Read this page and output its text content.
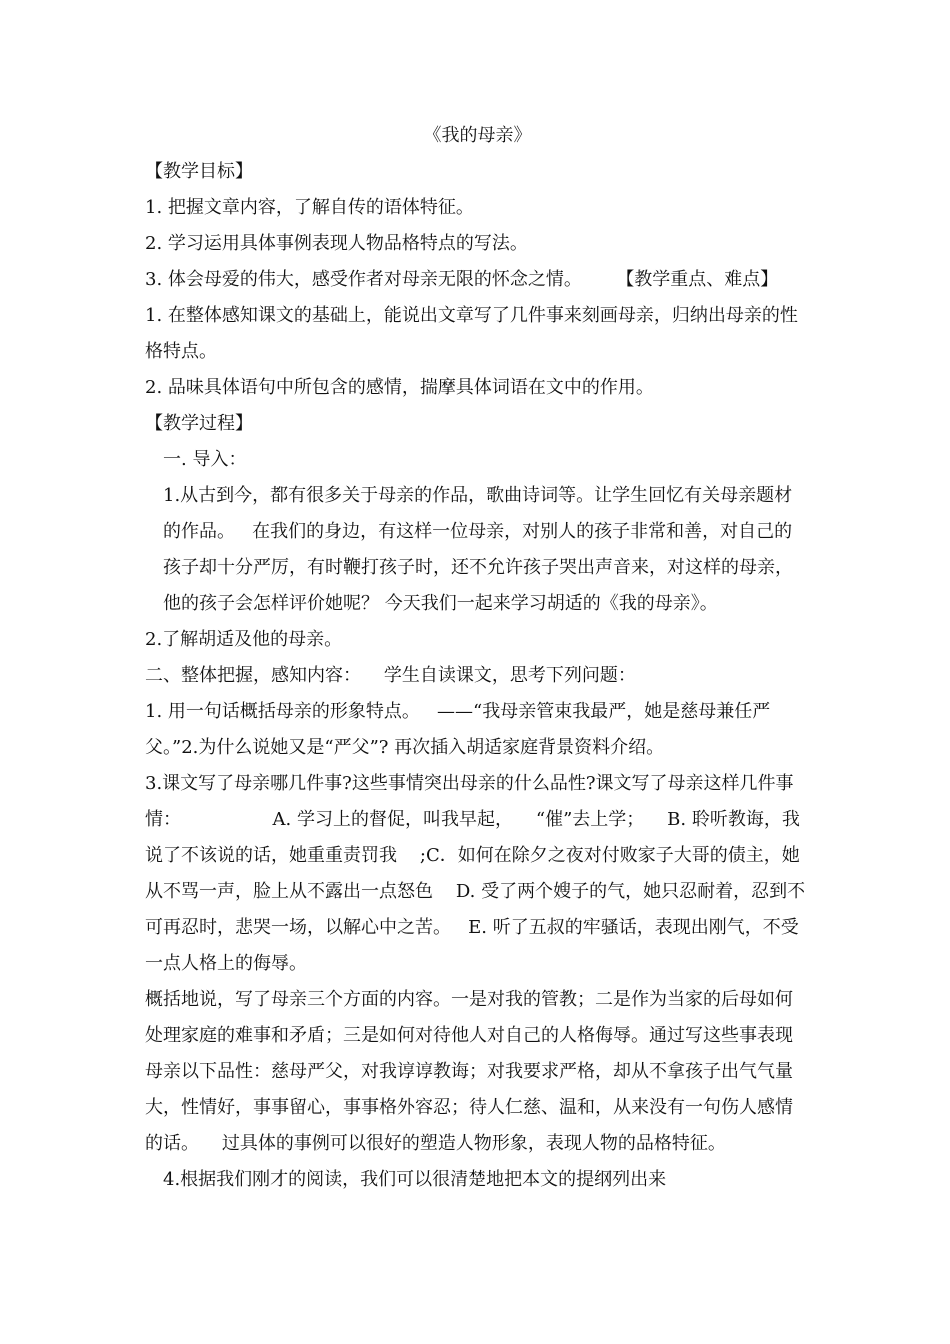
《我的母亲》

【教学目标】

1. 把握文章内容，了解自传的语体特征。

2. 学习运用具体事例表现人物品格特点的写法。

3. 体会母爱的伟大，感受作者对母亲无限的怀念之情。      【教学重点、难点】

1. 在整体感知课文的基础上，能说出文章写了几件事来刻画母亲，归纳出母亲的性格特点。

2. 品味具体语句中所包含的感情，揣摩具体词语在文中的作用。

【教学过程】

一. 导入：

1.从古到今，都有很多关于母亲的作品，歌曲诗词等。让学生回忆有关母亲题材的作品。   在我们的身边，有这样一位母亲，对别人的孩子非常和善，对自己的孩子却十分严厉，有时鞭打孩子时，还不允许孩子哭出声音来，对这样的母亲，他的孩子会怎样评价她呢？ 今天我们一起来学习胡适的《我的母亲》。

2.了解胡适及他的母亲。

二、整体把握，感知内容：    学生自读课文，思考下列问题：

1. 用一句话概括母亲的形象特点。   ——“我母亲管束我最严，她是慈母兼任严父。”2.为什么说她又是“严父”? 再次插入胡适家庭背景资料介绍。

3.课文写了母亲哪几件事?这些事情突出母亲的什么品性?课文写了母亲这样几件事情：                A. 学习上的督促，叫我早起，    “催”去上学；    B. 聆听教诲，我说了不该说的话，她重重责罚我    ;C．如何在除夕之夜对付败家子大哥的债主，她从不骂一声，脸上从不露出一点怒色    D. 受了两个嫂子的气，她只忍耐着，忍到不可再忍时，悲哭一场，以解心中之苦。   E. 听了五叔的牢骚话，表现出刚气，不受一点人格上的侮辱。

概括地说，写了母亲三个方面的内容。一是对我的管教；二是作为当家的后母如何处理家庭的难事和矛盾；三是如何对待他人对自己的人格侮辱。通过写这些事表现母亲以下品性：慈母严父，对我谆谆教诲；对我要求严格，却从不拿孩子出气气量大，性情好，事事留心，事事格外容忍；待人仁慈、温和，从来没有一句伤人感情的话。    过具体的事例可以很好的塑造人物形象，表现人物的品格特征。

4.根据我们刚才的阅读，我们可以很清楚地把本文的提纲列出来
